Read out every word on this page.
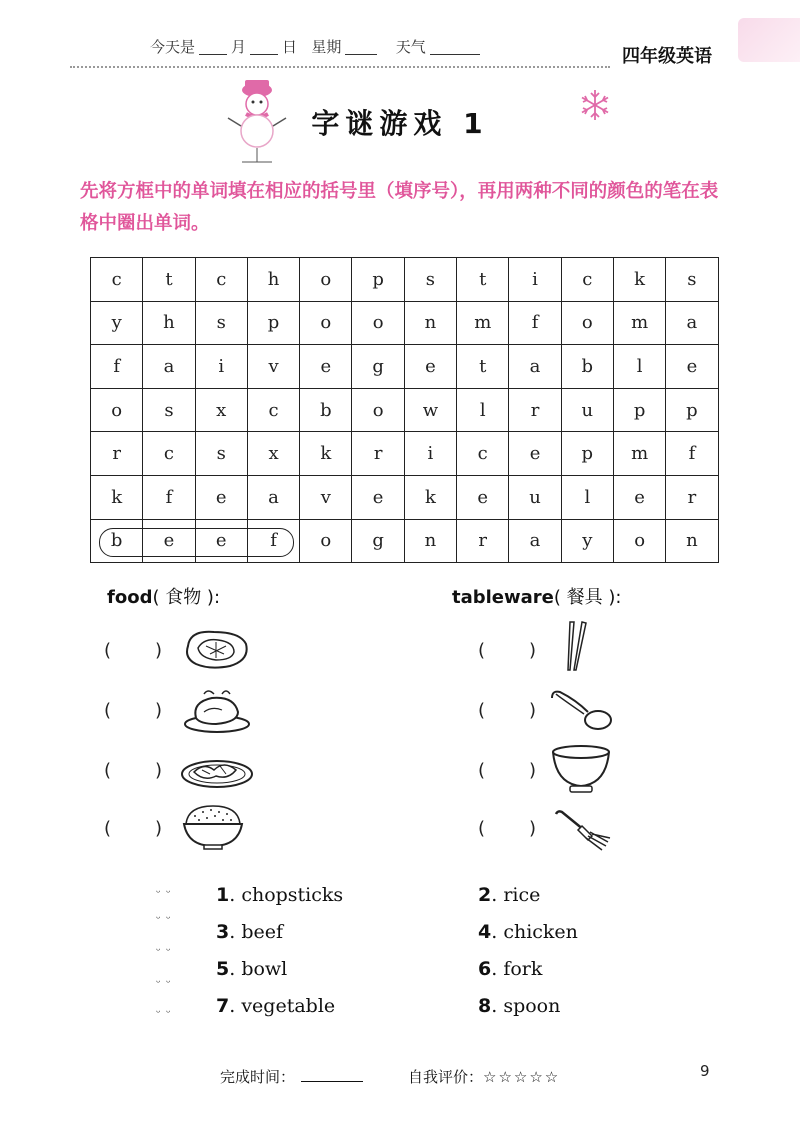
今天是 月 日 星期	天气	四年级英语
字谜游戏 1
先将方框中的单词填在相应的括号里（填序号），再用两种不同的颜色的笔在表格中圈出单词。
c	t	c	h	o	p	s	t	i	c	k	s
y	h	s	p	o	o	n	m	f	o	m	a
f	a	i	v	e	g	e	t	a	b	l	e
o	s	x	c	b	o	w	l	r	u	p	p
r	c	s	x	k	r	i	c	e	p	m	f
k	f	e	a	v	e	k	e	u	l	e	r
b	e	e	f	o	g	n	r	a	y	o	n
food( 食物 ):	tableware( 餐具 ):
( )
( )
( )
( )
( )
( )
( )
( )
ᵕ ᵕ
ᵕ ᵕ
ᵕ ᵕ
ᵕ ᵕ
ᵕ ᵕ
1. chopsticks	2. rice
3. beef	4. chicken
5. bowl	6. fork
7. vegetable	8. spoon
完成时间：	自我评价：☆☆☆☆☆	9
